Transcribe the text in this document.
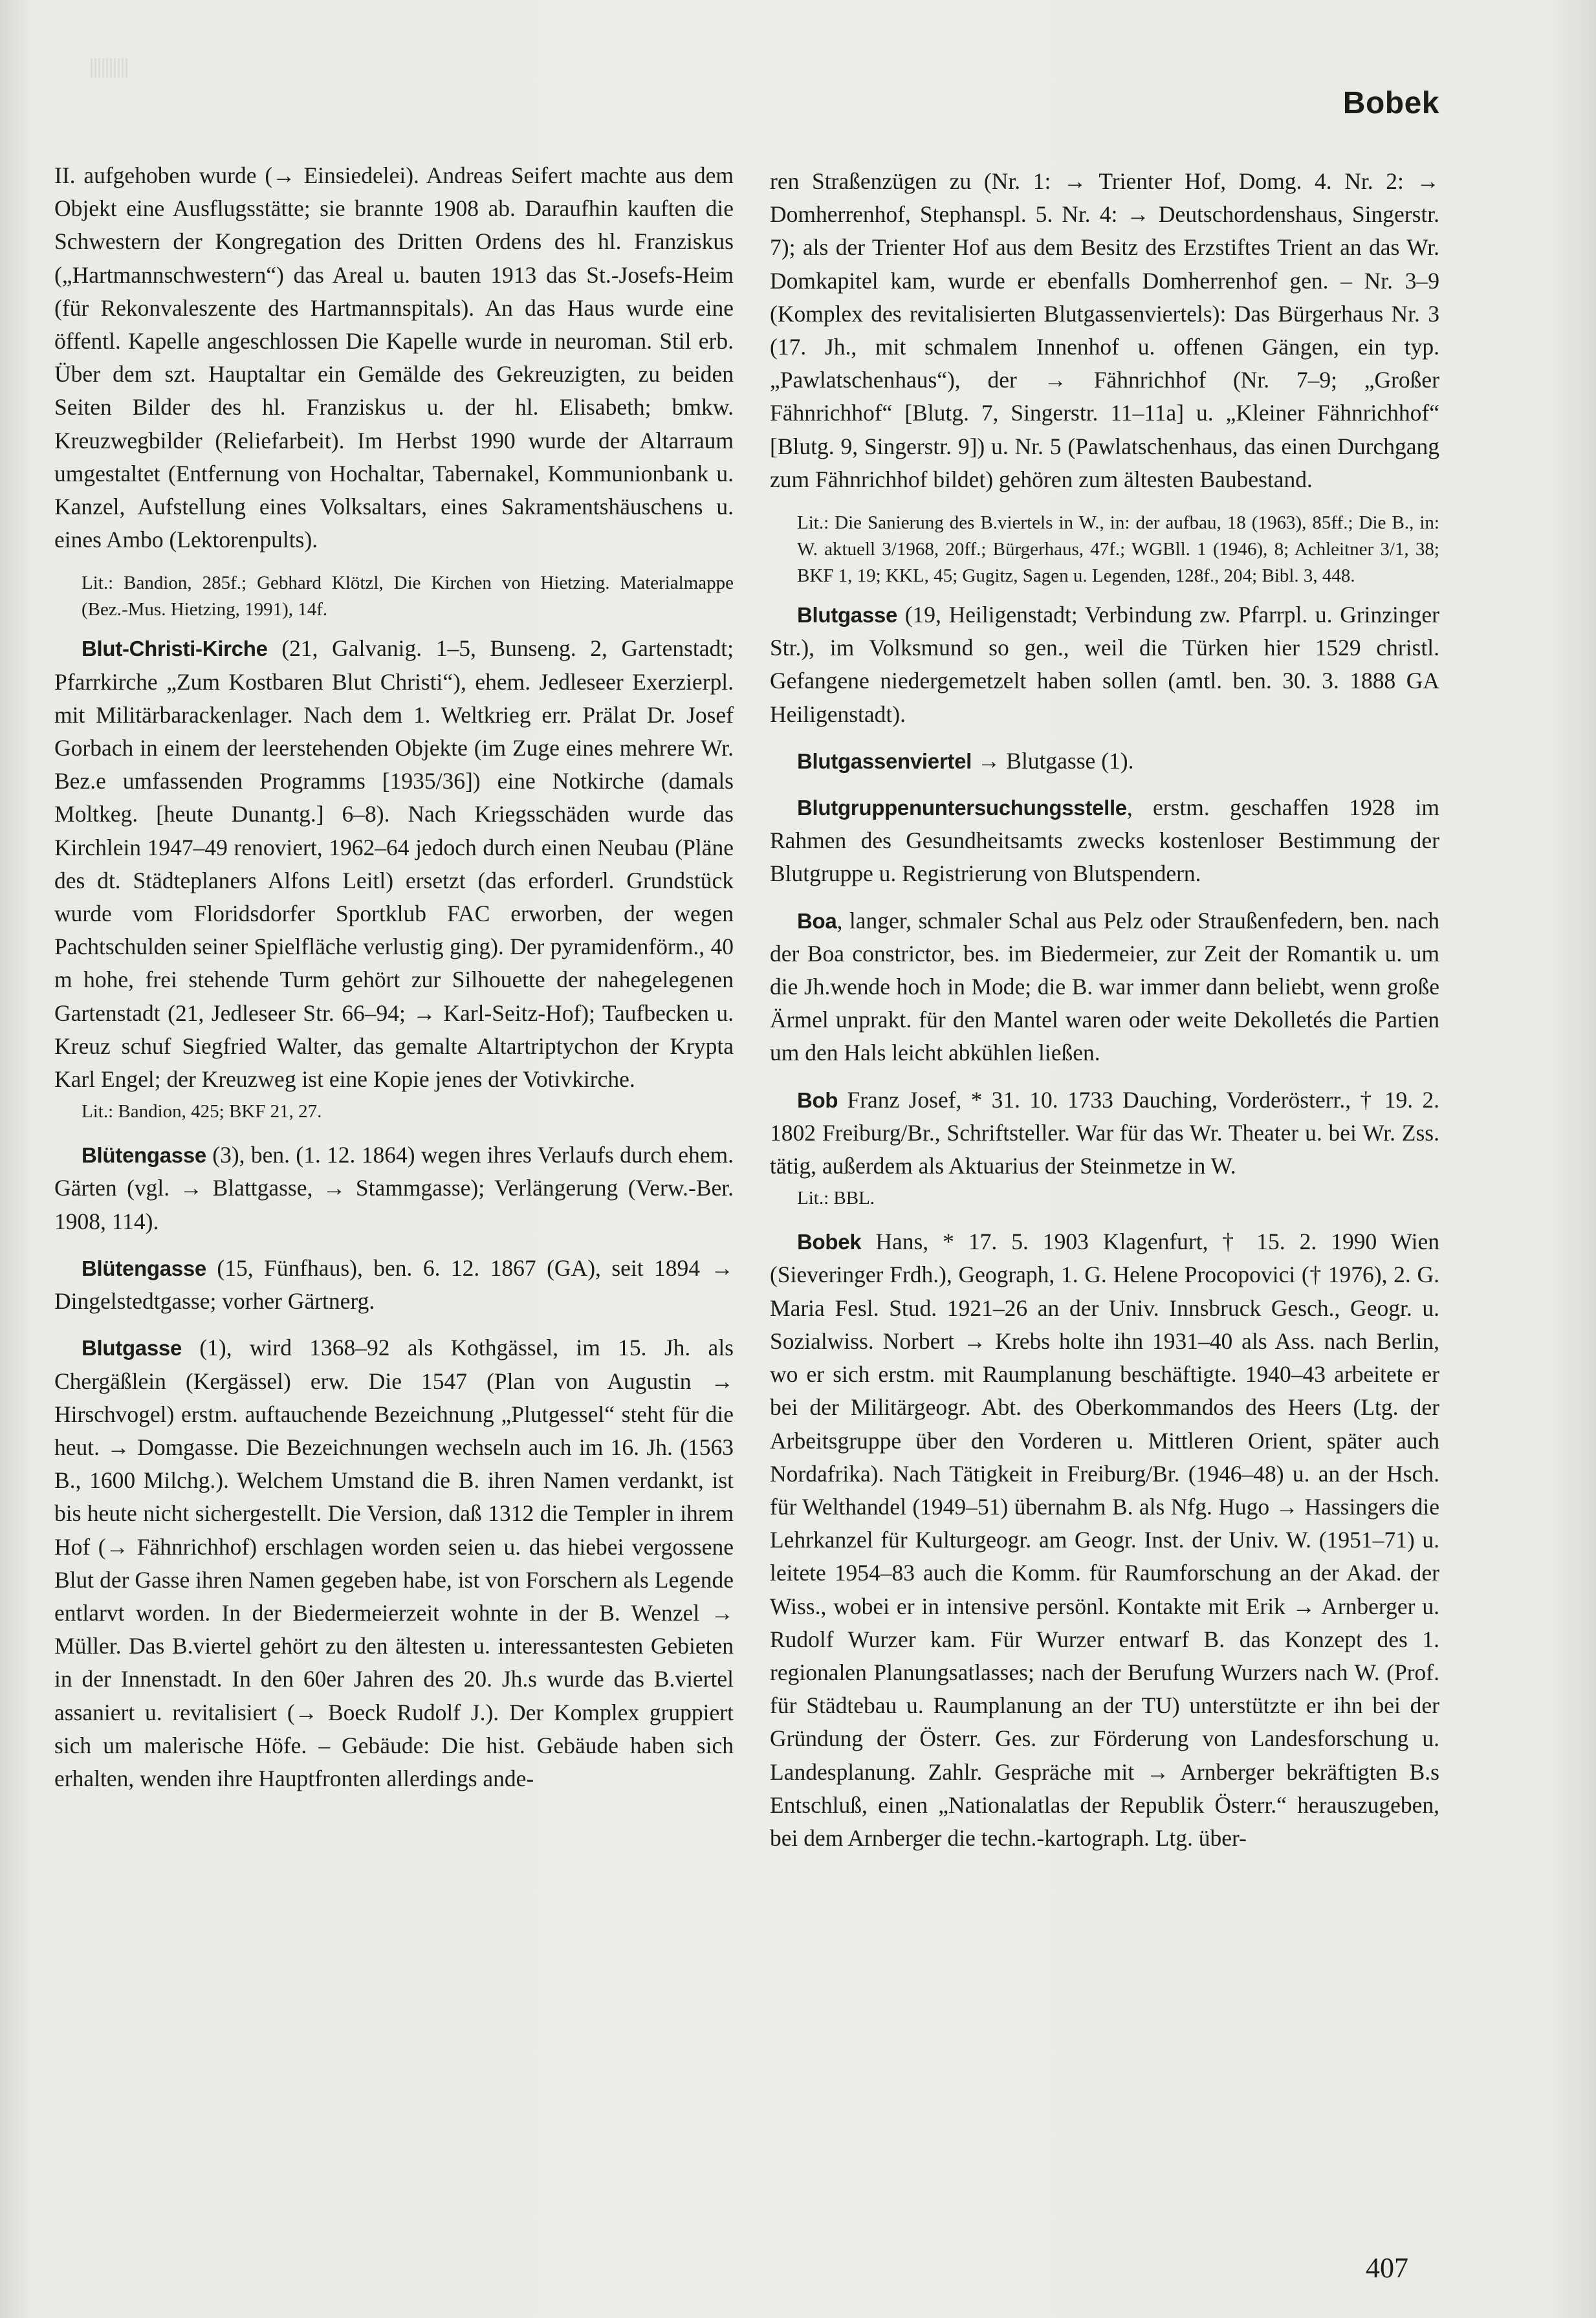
Bobek

II. aufgehoben wurde (→ Einsiedelei). Andreas Seifert machte aus dem Objekt eine Ausflugsstätte; sie brannte 1908 ab. Daraufhin kauften die Schwestern der Kongregation des Dritten Ordens des hl. Franziskus („Hartmannschwestern“) das Areal u. bauten 1913 das St.-Josefs-Heim (für Rekonvaleszente des Hartmannspitals). An das Haus wurde eine öffentl. Kapelle angeschlossen Die Kapelle wurde in neuroman. Stil erb. Über dem szt. Hauptaltar ein Gemälde des Gekreuzigten, zu beiden Seiten Bilder des hl. Franziskus u. der hl. Elisabeth; bmkw. Kreuzwegbilder (Reliefarbeit). Im Herbst 1990 wurde der Altarraum umgestaltet (Entfernung von Hochaltar, Tabernakel, Kommunionbank u. Kanzel, Aufstellung eines Volksaltars, eines Sakramentshäuschens u. eines Ambo (Lektorenpults).

Lit.: Bandion, 285f.; Gebhard Klötzl, Die Kirchen von Hietzing. Materialmappe (Bez.-Mus. Hietzing, 1991), 14f.

Blut-Christi-Kirche (21, Galvanig. 1–5, Bunseng. 2, Gartenstadt; Pfarrkirche „Zum Kostbaren Blut Christi“), ehem. Jedleseer Exerzierpl. mit Militärbarackenlager. Nach dem 1. Weltkrieg err. Prälat Dr. Josef Gorbach in einem der leerstehenden Objekte (im Zuge eines mehrere Wr. Bez.e umfassenden Programms [1935/36]) eine Notkirche (damals Moltkeg. [heute Dunantg.] 6–8). Nach Kriegsschäden wurde das Kirchlein 1947–49 renoviert, 1962–64 jedoch durch einen Neubau (Pläne des dt. Städteplaners Alfons Leitl) ersetzt (das erforderl. Grundstück wurde vom Floridsdorfer Sportklub FAC erworben, der wegen Pachtschulden seiner Spielfläche verlustig ging). Der pyramidenförm., 40 m hohe, frei stehende Turm gehört zur Silhouette der nahegelegenen Gartenstadt (21, Jedleseer Str. 66–94; → Karl-Seitz-Hof); Taufbecken u. Kreuz schuf Siegfried Walter, das gemalte Altartriptychon der Krypta Karl Engel; der Kreuzweg ist eine Kopie jenes der Votivkirche.

Lit.: Bandion, 425; BKF 21, 27.

Blütengasse (3), ben. (1. 12. 1864) wegen ihres Verlaufs durch ehem. Gärten (vgl. → Blattgasse, → Stammgasse); Verlängerung (Verw.-Ber. 1908, 114).

Blütengasse (15, Fünfhaus), ben. 6. 12. 1867 (GA), seit 1894 → Dingelstedtgasse; vorher Gärtnerg.

Blutgasse (1), wird 1368–92 als Kothgässel, im 15. Jh. als Chergäßlein (Kergässel) erw. Die 1547 (Plan von Augustin → Hirschvogel) erstm. auftauchende Bezeichnung „Plutgessel“ steht für die heut. → Domgasse. Die Bezeichnungen wechseln auch im 16. Jh. (1563 B., 1600 Milchg.). Welchem Umstand die B. ihren Namen verdankt, ist bis heute nicht sichergestellt. Die Version, daß 1312 die Templer in ihrem Hof (→ Fähnrichhof) erschlagen worden seien u. das hiebei vergossene Blut der Gasse ihren Namen gegeben habe, ist von Forschern als Legende entlarvt worden. In der Biedermeierzeit wohnte in der B. Wenzel → Müller. Das B.viertel gehört zu den ältesten u. interessantesten Gebieten in der Innenstadt. In den 60er Jahren des 20. Jh.s wurde das B.viertel assaniert u. revitalisiert (→ Boeck Rudolf J.). Der Komplex gruppiert sich um malerische Höfe. – Gebäude: Die hist. Gebäude haben sich erhalten, wenden ihre Hauptfronten allerdings ande-

ren Straßenzügen zu (Nr. 1: → Trienter Hof, Domg. 4. Nr. 2: → Domherrenhof, Stephanspl. 5. Nr. 4: → Deutschordenshaus, Singerstr. 7); als der Trienter Hof aus dem Besitz des Erzstiftes Trient an das Wr. Domkapitel kam, wurde er ebenfalls Domherrenhof gen. – Nr. 3–9 (Komplex des revitalisierten Blutgassenviertels): Das Bürgerhaus Nr. 3 (17. Jh., mit schmalem Innenhof u. offenen Gängen, ein typ. „Pawlatschenhaus“), der → Fähnrichhof (Nr. 7–9; „Großer Fähnrichhof“ [Blutg. 7, Singerstr. 11–11a] u. „Kleiner Fähnrichhof“ [Blutg. 9, Singerstr. 9]) u. Nr. 5 (Pawlatschenhaus, das einen Durchgang zum Fähnrichhof bildet) gehören zum ältesten Baubestand.

Lit.: Die Sanierung des B.viertels in W., in: der aufbau, 18 (1963), 85ff.; Die B., in: W. aktuell 3/1968, 20ff.; Bürgerhaus, 47f.; WGBll. 1 (1946), 8; Achleitner 3/1, 38; BKF 1, 19; KKL, 45; Gugitz, Sagen u. Legenden, 128f., 204; Bibl. 3, 448.

Blutgasse (19, Heiligenstadt; Verbindung zw. Pfarrpl. u. Grinzinger Str.), im Volksmund so gen., weil die Türken hier 1529 christl. Gefangene niedergemetzelt haben sollen (amtl. ben. 30. 3. 1888 GA Heiligenstadt).

Blutgassenviertel → Blutgasse (1).

Blutgruppenuntersuchungsstelle, erstm. geschaffen 1928 im Rahmen des Gesundheitsamts zwecks kostenloser Bestimmung der Blutgruppe u. Registrierung von Blutspendern.

Boa, langer, schmaler Schal aus Pelz oder Straußenfedern, ben. nach der Boa constrictor, bes. im Biedermeier, zur Zeit der Romantik u. um die Jh.wende hoch in Mode; die B. war immer dann beliebt, wenn große Ärmel unprakt. für den Mantel waren oder weite Dekolletés die Partien um den Hals leicht abkühlen ließen.

Bob Franz Josef, * 31. 10. 1733 Dauching, Vorderösterr., † 19. 2. 1802 Freiburg/Br., Schriftsteller. War für das Wr. Theater u. bei Wr. Zss. tätig, außerdem als Aktuarius der Steinmetze in W.

Lit.: BBL.

Bobek Hans, * 17. 5. 1903 Klagenfurt, † 15. 2. 1990 Wien (Sieveringer Frdh.), Geograph, 1. G. Helene Procopovici († 1976), 2. G. Maria Fesl. Stud. 1921–26 an der Univ. Innsbruck Gesch., Geogr. u. Sozialwiss. Norbert → Krebs holte ihn 1931–40 als Ass. nach Berlin, wo er sich erstm. mit Raumplanung beschäftigte. 1940–43 arbeitete er bei der Militärgeogr. Abt. des Oberkommandos des Heers (Ltg. der Arbeitsgruppe über den Vorderen u. Mittleren Orient, später auch Nordafrika). Nach Tätigkeit in Freiburg/Br. (1946–48) u. an der Hsch. für Welthandel (1949–51) übernahm B. als Nfg. Hugo → Hassingers die Lehrkanzel für Kulturgeogr. am Geogr. Inst. der Univ. W. (1951–71) u. leitete 1954–83 auch die Komm. für Raumforschung an der Akad. der Wiss., wobei er in intensive persönl. Kontakte mit Erik → Arnberger u. Rudolf Wurzer kam. Für Wurzer entwarf B. das Konzept des 1. regionalen Planungsatlasses; nach der Berufung Wurzers nach W. (Prof. für Städtebau u. Raumplanung an der TU) unterstützte er ihn bei der Gründung der Österr. Ges. zur Förderung von Landesforschung u. Landesplanung. Zahlr. Gespräche mit → Arnberger bekräftigten B.s Entschluß, einen „Nationalatlas der Republik Österr.“ herauszugeben, bei dem Arnberger die techn.-kartograph. Ltg. über-

407
